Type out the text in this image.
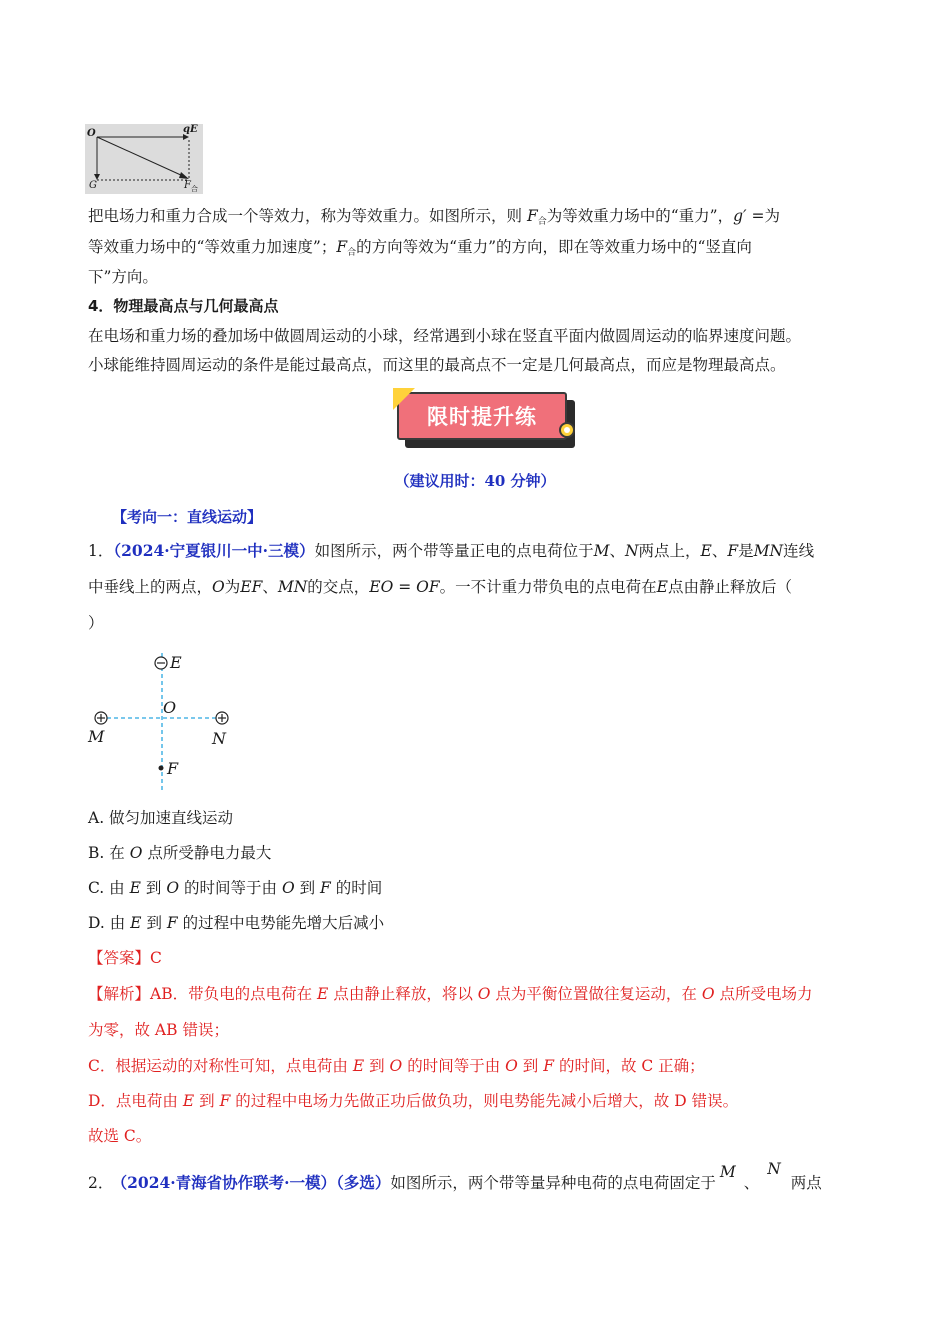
O	qE
G	$F_合$
把电场力和重力合成一个等效力，称为等效重力。如图所示，则 $F_合$为等效重力场中的“重力”，g′ =为
等效重力场中的“等效重力加速度”；$F_合$的方向等效为“重力”的方向，即在等效重力场中的“竖直向
下”方向。
4．物理最高点与几何最高点
在电场和重力场的叠加场中做圆周运动的小球，经常遇到小球在竖直平面内做圆周运动的临界速度问题。
小球能维持圆周运动的条件是能过最高点，而这里的最高点不一定是几何最高点，而应是物理最高点。
限时提升练
（建议用时：40 分钟）
【考向一：直线运动】
1．（2024·宁夏银川一中·三模）如图所示，两个带等量正电的点电荷位于M、N两点上，E、F是MN连线
中垂线上的两点，O为EF、MN的交点，EO = OF。一不计重力带负电的点电荷在E点由静止释放后（
）
E
O
M	N
F
A. 做匀加速直线运动
B. 在 O 点所受静电力最大
C. 由 E 到 O 的时间等于由 O 到 F 的时间
D. 由 E 到 F 的过程中电势能先增大后减小
【答案】C
【解析】AB．带负电的点电荷在 E 点由静止释放，将以 O 点为平衡位置做往复运动，在 O 点所受电场力
为零，故 AB 错误；
C．根据运动的对称性可知，点电荷由 E 到 O 的时间等于由 O 到 F 的时间，故 C 正确；
D．点电荷由 E 到 F 的过程中电场力先做正功后做负功，则电势能先减小后增大，故 D 错误。
故选 C。
2． （2024·青海省协作联考·一模）（多选）如图所示，两个带等量异种电荷的点电荷固定于M、N两点
